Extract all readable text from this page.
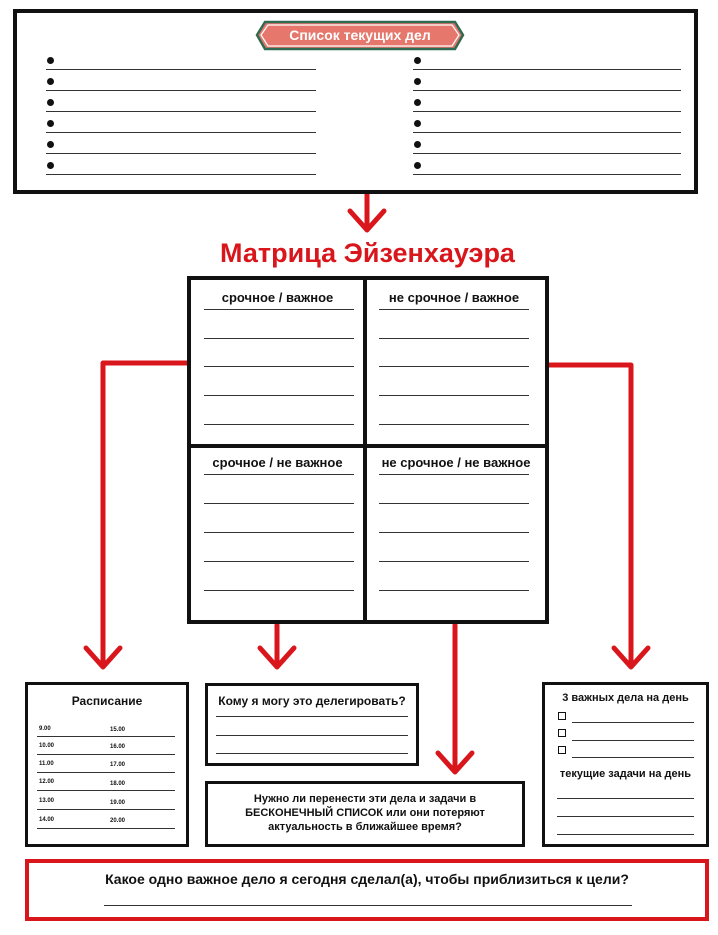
Список текущих дел
Матрица Эйзенхауэра
срочное / важное	не срочное / важное
срочное / не важное	не срочное / не важное
Расписание
9.00
10.00
11.00
12.00
13.00
14.00
15.00
16.00
17.00
18.00
19.00
20.00
Кому я могу это делегировать?
Нужно ли перенести эти дела и задачи в БЕСКОНЕЧНЫЙ СПИСОК или они потеряют актуальность в ближайшее время?
3 важных дела на день
текущие задачи на день
Какое одно важное дело я сегодня сделал(а), чтобы приблизиться к цели?
